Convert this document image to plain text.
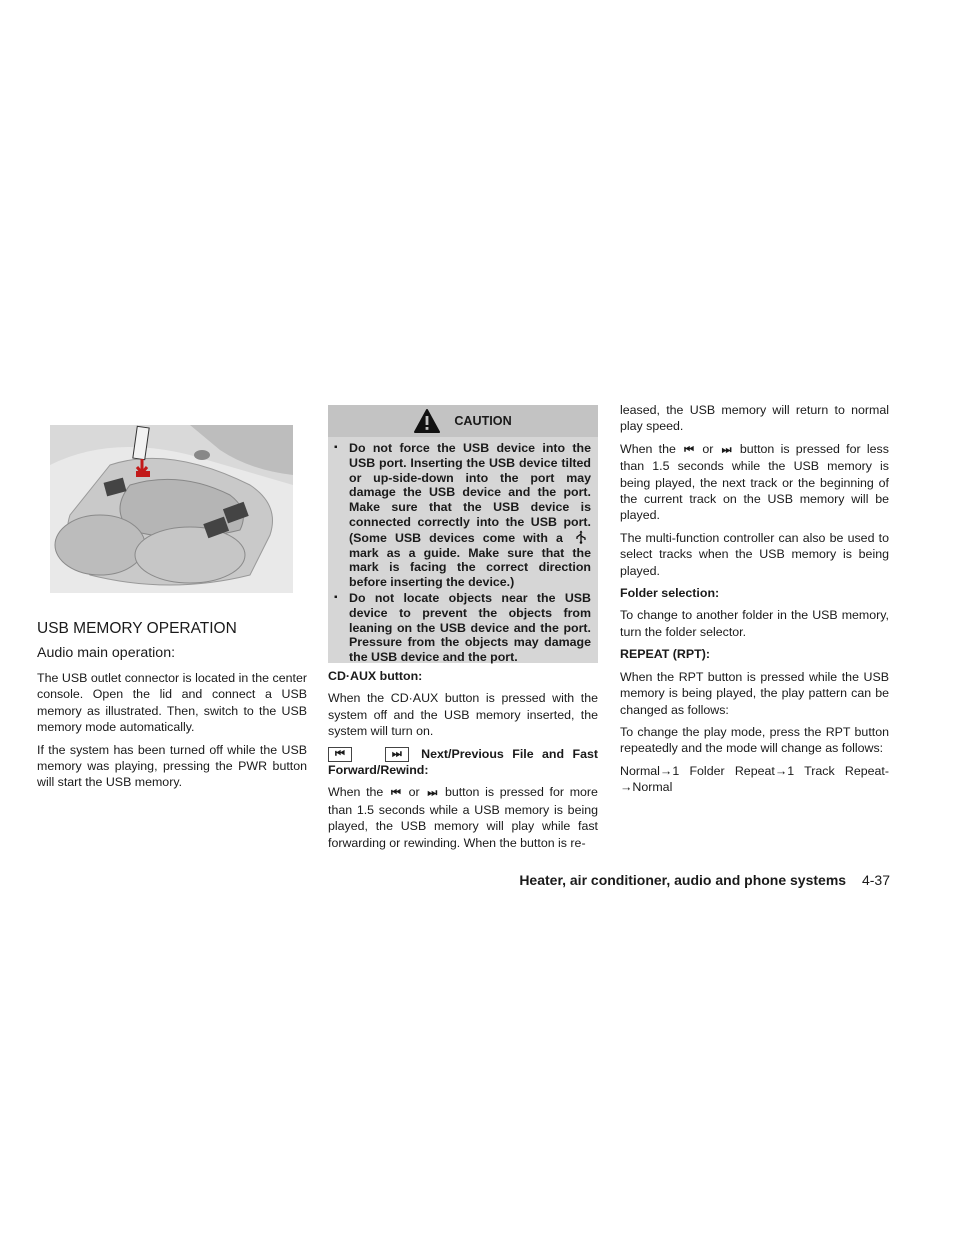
USB MEMORY OPERATION
Audio main operation:

The USB outlet connector is located in the center console. Open the lid and connect a USB memory as illustrated. Then, switch to the USB memory mode automatically.

If the system has been turned off while the USB memory was playing, pressing the PWR button will start the USB memory.

CAUTION
▪ Do not force the USB device into the USB port. Inserting the USB device tilted or up-side-down into the port may damage the USB device and the port. Make sure that the USB device is connected correctly into the USB port. (Some USB devices come with a  mark as a guide. Make sure that the mark is facing the correct direction before inserting the device.)
▪ Do not locate objects near the USB device to prevent the objects from leaning on the USB device and the port. Pressure from the objects may damage the USB device and the port.

CD·AUX button:

When the CD·AUX button is pressed with the system off and the USB memory inserted, the system will turn on.

⏮	⏭ Next/Previous File and Fast Forward/Rewind:

When the ⏮ or ⏭ button is pressed for more than 1.5 seconds while a USB memory is being played, the USB memory will play while fast forwarding or rewinding. When the button is re-

leased, the USB memory will return to normal play speed.

When the ⏮ or ⏭ button is pressed for less than 1.5 seconds while the USB memory is being played, the next track or the beginning of the current track on the USB memory will be played.

The multi-function controller can also be used to select tracks when the USB memory is being played.

Folder selection:

To change to another folder in the USB memory, turn the folder selector.

REPEAT (RPT):

When the RPT button is pressed while the USB memory is being played, the play pattern can be changed as follows:

To change the play mode, press the RPT button repeatedly and the mode will change as follows:

Normal→1 Folder Repeat→1 Track Repeat-→Normal

Heater, air conditioner, audio and phone systems 4-37
